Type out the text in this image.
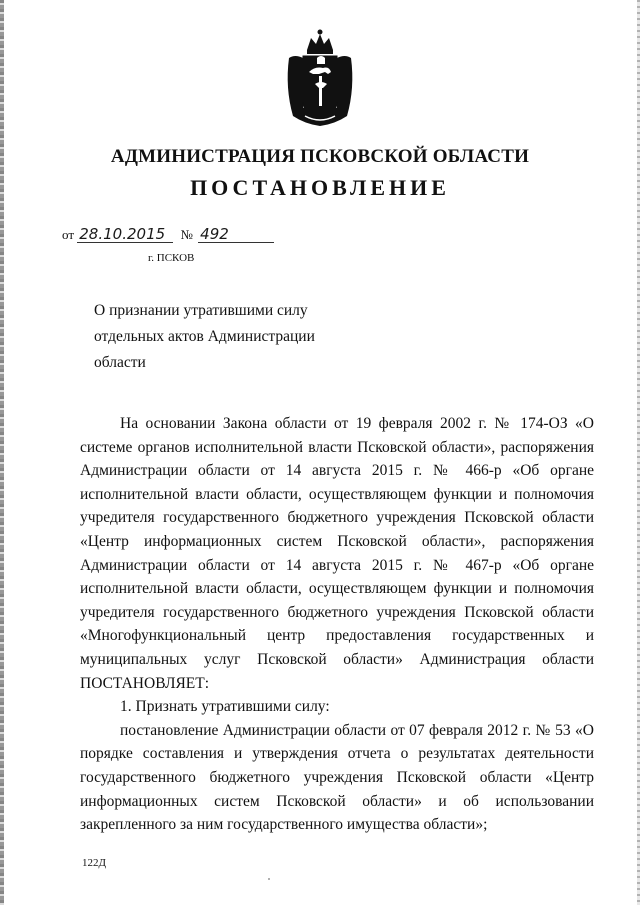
АДМИНИСТРАЦИЯ ПСКОВСКОЙ ОБЛАСТИ
ПОСТАНОВЛЕНИЕ
от 28.10.2015 № 492
г. ПСКОВ
О признании утратившими силу отдельных актов Администрации области

На основании Закона области от 19 февраля 2002 г. № 174-ОЗ «О системе органов исполнительной власти Псковской области», распоряжения Администрации области от 14 августа 2015 г. № 466-р «Об органе исполнительной власти области, осуществляющем функции и полномочия учредителя государственного бюджетного учреждения Псковской области «Центр информационных систем Псковской области», распоряжения Администрации области от 14 августа 2015 г. № 467-р «Об органе исполнительной власти области, осуществляющем функции и полномочия учредителя государственного бюджетного учреждения Псковской области «Многофункциональный центр предоставления государственных и муниципальных услуг Псковской области» Администрация области ПОСТАНОВЛЯЕТ:

1. Признать утратившими силу:

постановление Администрации области от 07 февраля 2012 г. № 53 «О порядке составления и утверждения отчета о результатах деятельности государственного бюджетного учреждения Псковской области «Центр информационных систем Псковской области» и об использовании закрепленного за ним государственного имущества области»;

122Д
